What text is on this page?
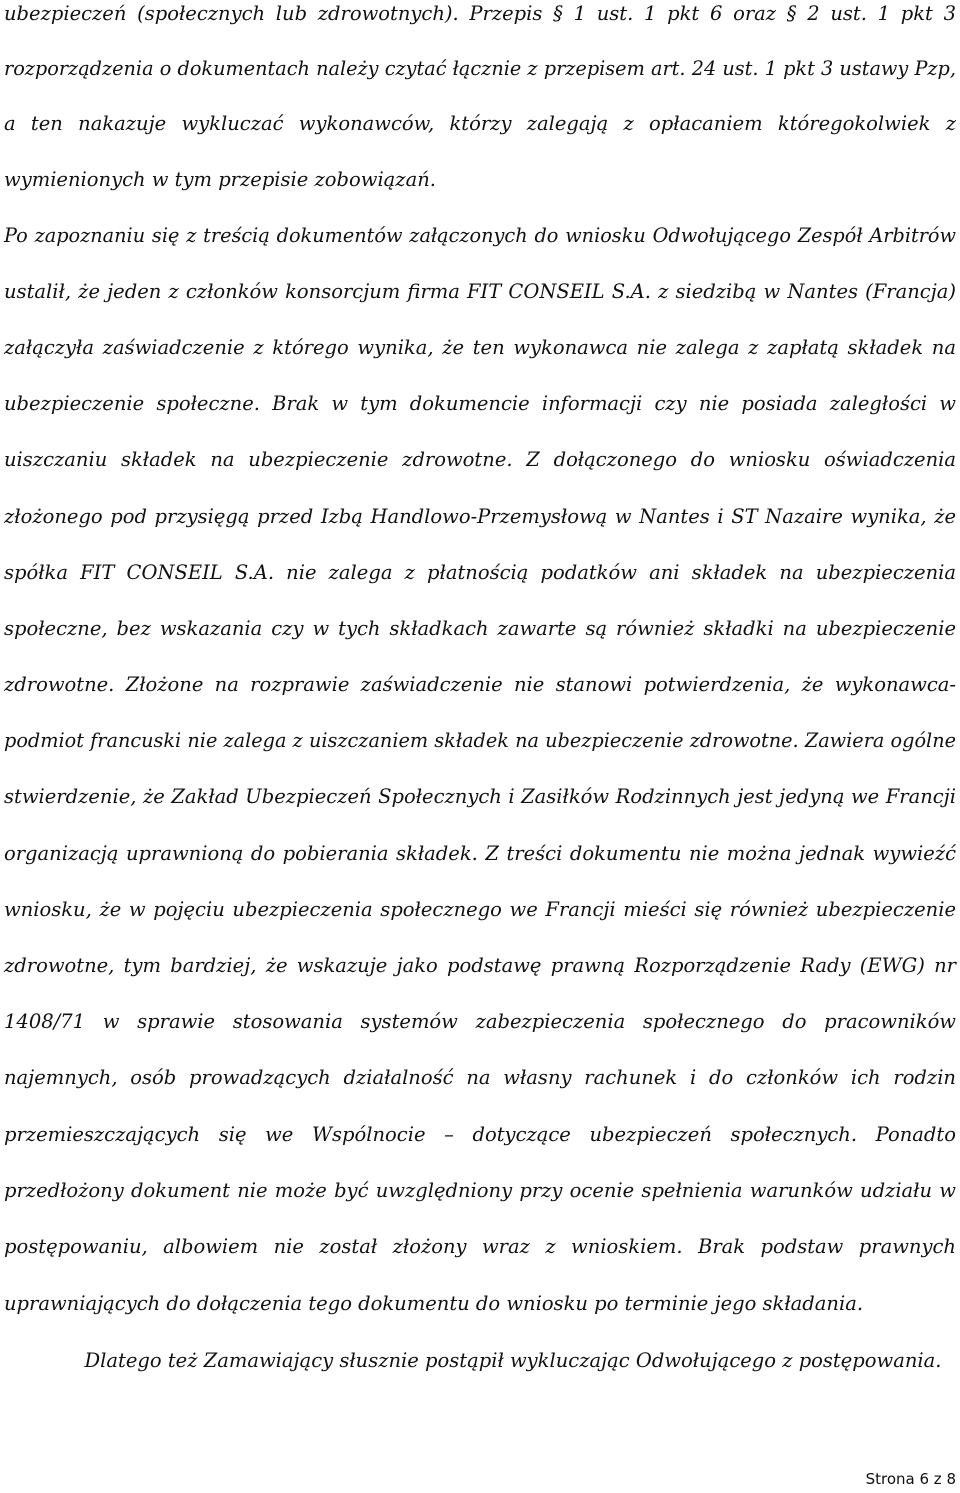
ubezpieczeń (społecznych lub zdrowotnych). Przepis § 1 ust. 1 pkt 6 oraz § 2 ust. 1 pkt 3
rozporządzenia o dokumentach należy czytać łącznie z przepisem art. 24 ust. 1 pkt 3 ustawy Pzp,
a ten nakazuje wykluczać wykonawców, którzy zalegają z opłacaniem któregokolwiek z
wymienionych w tym przepisie zobowiązań.
Po zapoznaniu się z treścią dokumentów załączonych do wniosku Odwołującego Zespół Arbitrów
ustalił, że jeden z członków konsorcjum firma FIT CONSEIL S.A. z siedzibą w Nantes (Francja)
załączyła zaświadczenie z którego wynika, że ten wykonawca nie zalega z zapłatą składek na
ubezpieczenie społeczne. Brak w tym dokumencie informacji czy nie posiada zaległości w
uiszczaniu składek na ubezpieczenie zdrowotne. Z dołączonego do wniosku oświadczenia
złożonego pod przysięgą przed Izbą Handlowo-Przemysłową w Nantes i ST Nazaire wynika, że
spółka FIT CONSEIL S.A. nie zalega z płatnością podatków ani składek na ubezpieczenia
społeczne, bez wskazania czy w tych składkach zawarte są również składki na ubezpieczenie
zdrowotne. Złożone na rozprawie zaświadczenie nie stanowi potwierdzenia, że wykonawca-
podmiot francuski nie zalega z uiszczaniem składek na ubezpieczenie zdrowotne. Zawiera ogólne
stwierdzenie, że Zakład Ubezpieczeń Społecznych i Zasiłków Rodzinnych jest jedyną we Francji
organizacją uprawnioną do pobierania składek. Z treści dokumentu nie można jednak wywieźć
wniosku, że w pojęciu ubezpieczenia społecznego we Francji mieści się również ubezpieczenie
zdrowotne, tym bardziej, że wskazuje jako podstawę prawną Rozporządzenie Rady (EWG) nr
1408/71 w sprawie stosowania systemów zabezpieczenia społecznego do pracowników
najemnych, osób prowadzących działalność na własny rachunek i do członków ich rodzin
przemieszczających się we Wspólnocie – dotyczące ubezpieczeń społecznych. Ponadto
przedłożony dokument nie może być uwzględniony przy ocenie spełnienia warunków udziału w
postępowaniu, albowiem nie został złożony wraz z wnioskiem. Brak podstaw prawnych
uprawniających do dołączenia tego dokumentu do wniosku po terminie jego składania.
Dlatego też Zamawiający słusznie postąpił wykluczając Odwołującego z postępowania.
Strona 6 z 8
